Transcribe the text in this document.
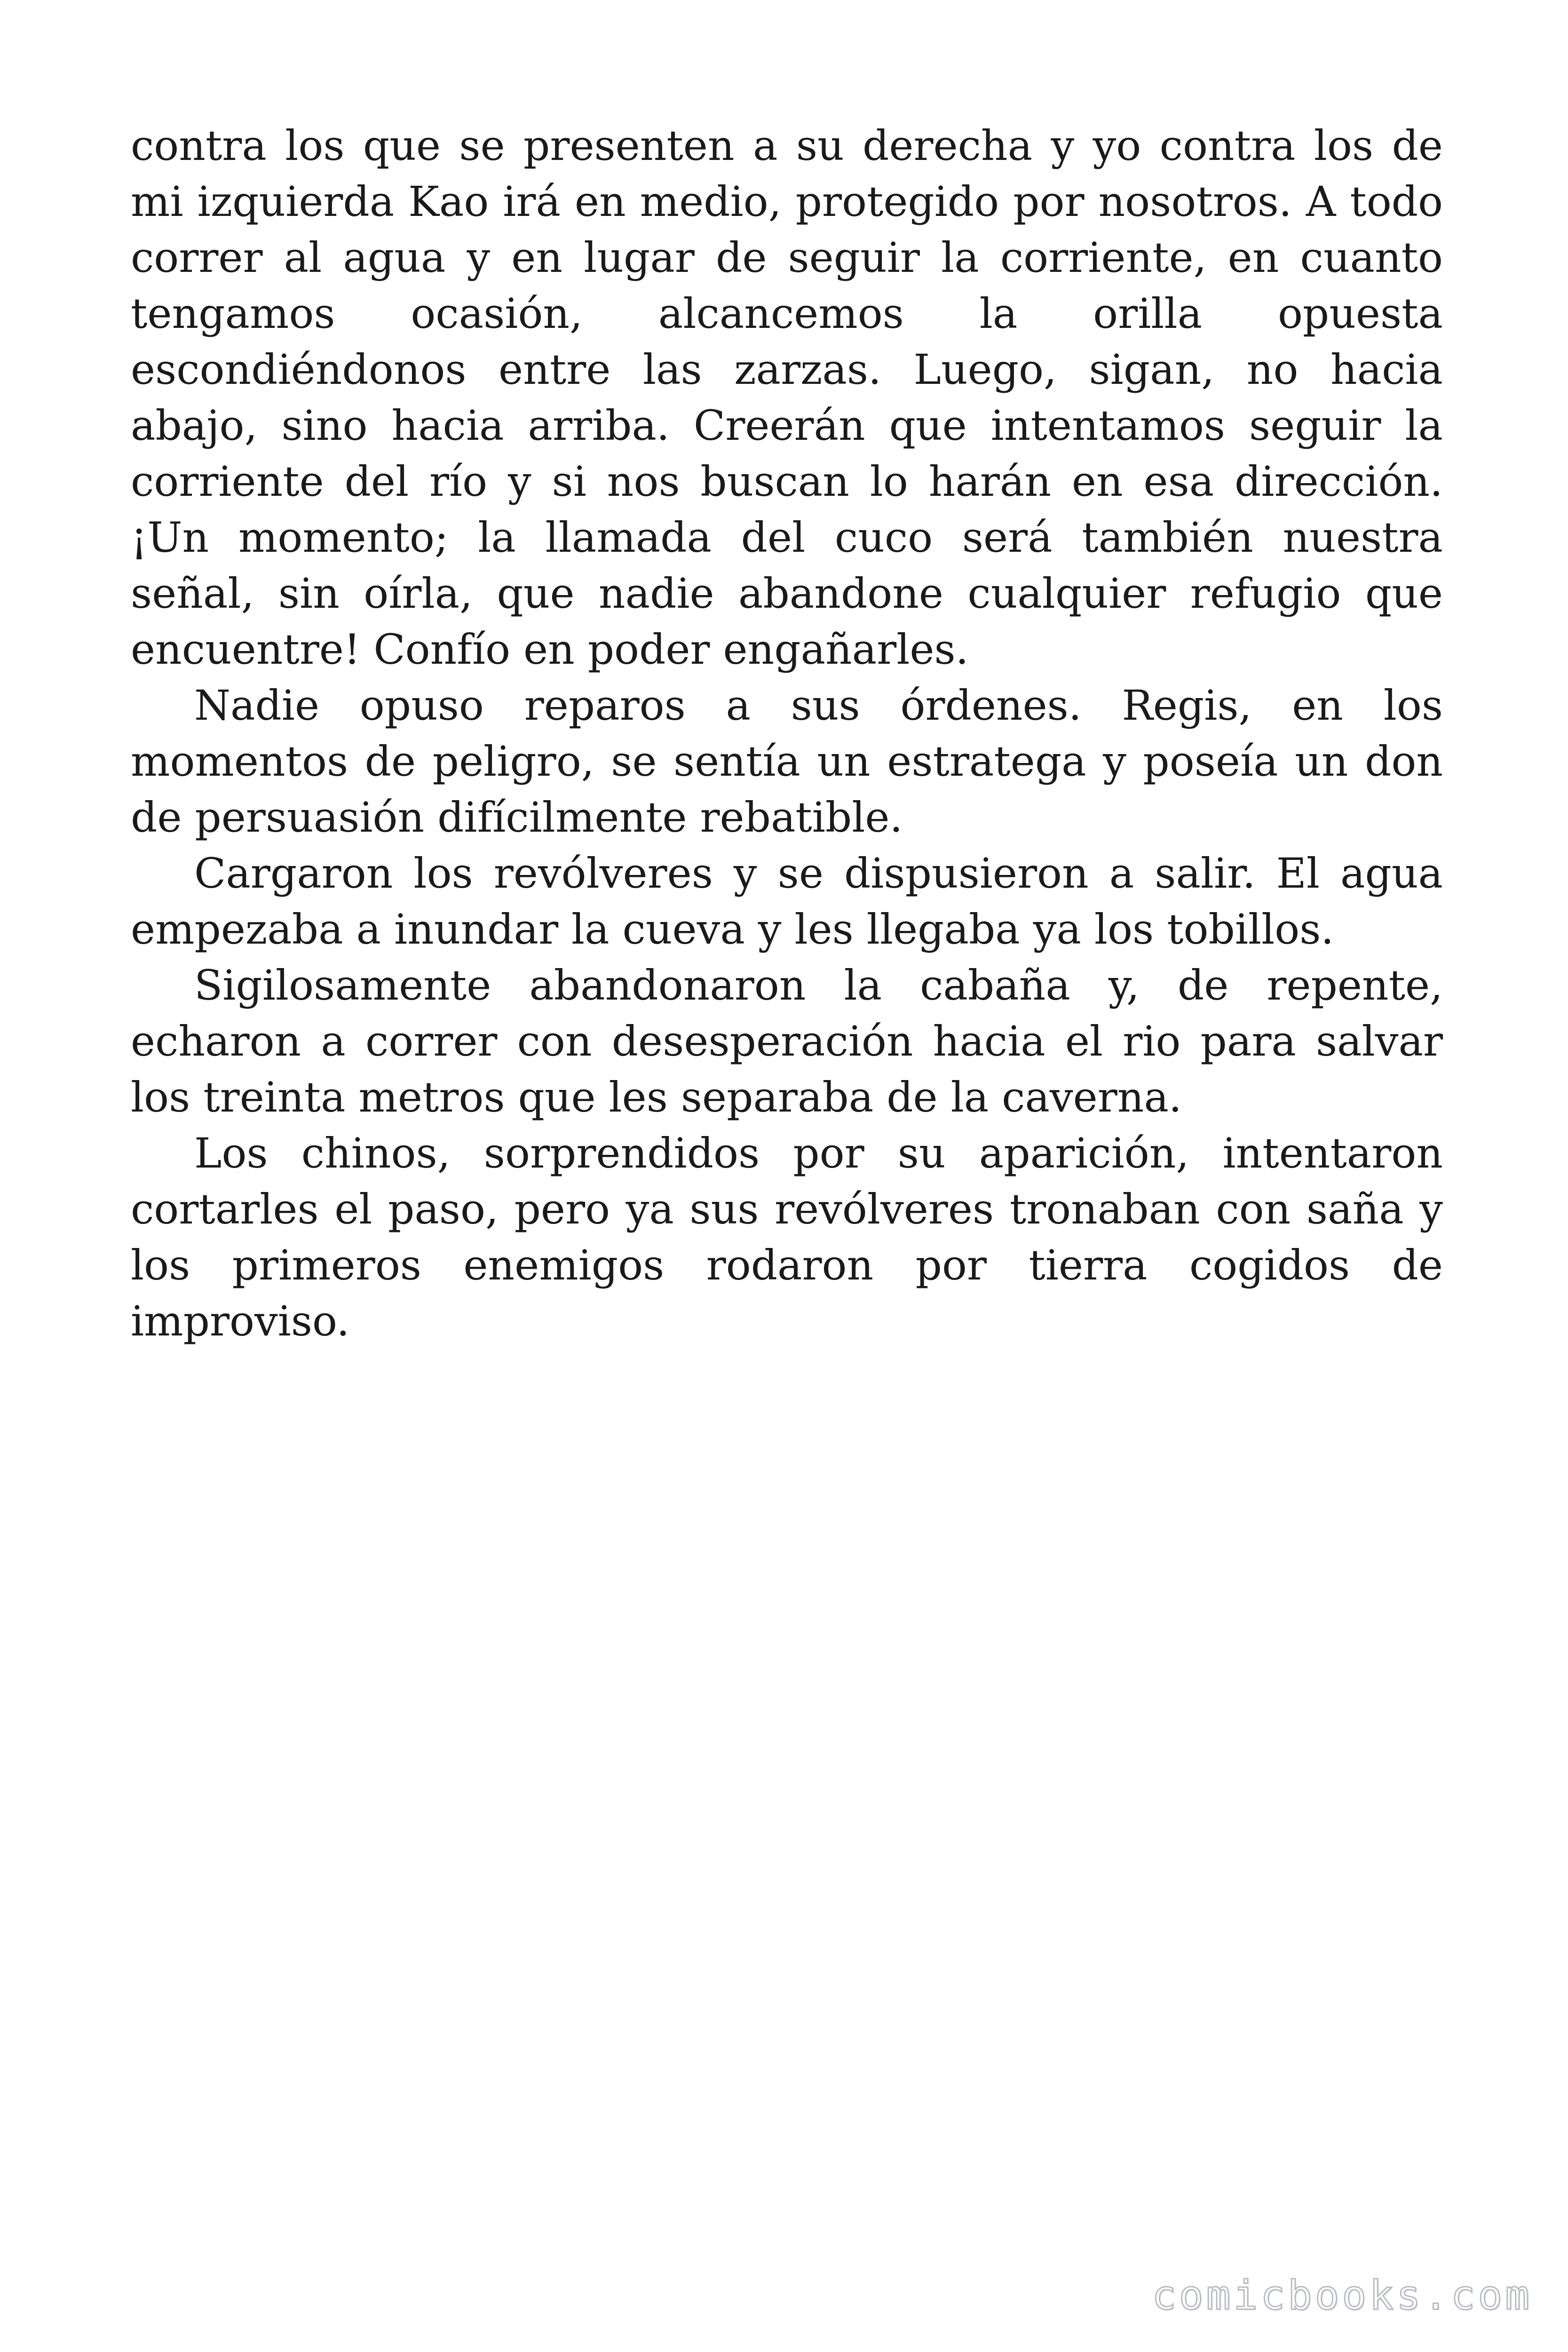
contra los que se presenten a su derecha y yo contra los de mi izquierda Kao irá en medio, protegido por nosotros. A todo correr al agua y en lugar de seguir la corriente, en cuanto tengamos ocasión, alcancemos la orilla opuesta escondiéndonos entre las zarzas. Luego, sigan, no hacia abajo, sino hacia arriba. Creerán que intentamos seguir la corriente del río y si nos buscan lo harán en esa dirección. ¡Un momento; la llamada del cuco será también nuestra señal, sin oírla, que nadie abandone cualquier refugio que encuentre! Confío en poder engañarles.

Nadie opuso reparos a sus órdenes. Regis, en los momentos de peligro, se sentía un estratega y poseía un don de persuasión difícilmente rebatible.

Cargaron los revólveres y se dispusieron a salir. El agua empezaba a inundar la cueva y les llegaba ya los tobillos.

Sigilosamente abandonaron la cabaña y, de repente, echaron a correr con desesperación hacia el rio para salvar los treinta metros que les separaba de la caverna.

Los chinos, sorprendidos por su aparición, intentaron cortarles el paso, pero ya sus revólveres tronaban con saña y los primeros enemigos rodaron por tierra cogidos de improviso.

comicbooks.com
